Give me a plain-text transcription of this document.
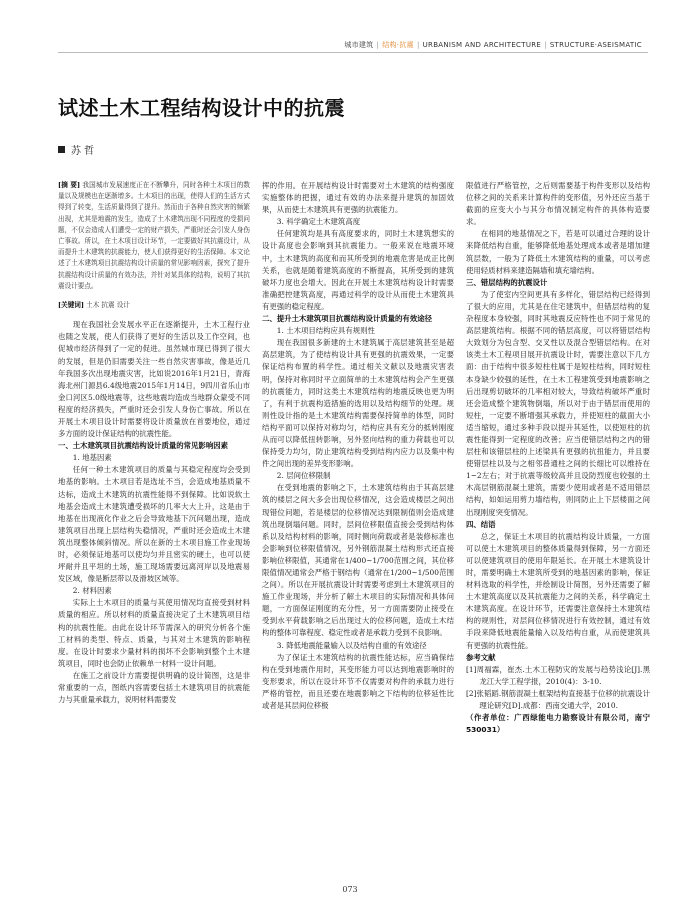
城市建筑 | 结构·抗震 | URBANISM AND ARCHITECTURE | STRUCTURE·ASEISMATIC
试述土木工程结构设计中的抗震
苏 哲
[摘 要] 我国城市发展速度正在不断攀升，同时各种土木项目的数量以及规模也在逐渐增多。土木项目的出现，使得人们的生活方式得到了转变，生活质量得到了提升。然而由于各种自然灾害的频繁出现，尤其是地震的发生，造成了土木建筑出现不同程度的受损问题，不仅会造成人们遭受一定的财产损失，严重时还会引发人身伤亡事故。所以，在土木项目设计环节，一定要做好其抗震设计，从而提升土木建筑的抗震能力，使人们获得更好的生活保障。本文论述了土木建筑项目抗震结构设计质量的常见影响因素，探究了提升抗震结构设计质量的有效办法，并针对某具体的结构，说明了其抗震设计要点。
[关键词] 土木 抗震 设计

现在我国社会发展水平正在逐渐提升，土木工程行业也随之发展，使人们获得了更好的生活以及工作空间，也促城市经济得到了一定的促进。虽然城市现已得到了很大的发展，但是仍旧需要关注一些自然灾害事故，像是近几年我国多次出现地震灾害，比如说2016年1月21日，青海海北州门源县6.4级地震2015年1月14日，9四川省乐山市金口河区5.0级地震等，这些地震均造成当地群众蒙受不同程度的经济损失，严重时还会引发人身伤亡事故。所以在开展土木项目设计时需要将设计质量放在首要地位，通过多方面的设计保证结构的抗震性能。

一、土木建筑项目抗震结构设计质量的常见影响因素

1. 地基因素

任何一种土木建筑项目的质量与其稳定程度均会受到地基的影响。土木项目若是选址不当，会造成地基质量不达标，造成土木建筑的抗震性能得不到保障。比如说软土地基会造成土木建筑遭受损坏的几率大大上升，这是由于地基在出现液化作业之后会导致地基下沉问题出现，造成建筑项目出现上层结构失稳情况，严重时还会造成土木建筑出现整体倾斜情况。所以在新的土木项目施工作业现场时，必须保证地基可以使均匀并且密实的硬土，也可以使坪耐并且平坦的土场，施工现场需要远离河岸以及地震易发区域，像是断层带以及滑坡区域等。

2. 材料因素

实际上土木项目的质量与其使用情况均直接受到材料质量的相应。所以材料的质量直接决定了土木建筑项目结构的抗震性能。由此在设计环节需深入的研究分析各个施工材料的类型、特点、质量，与其对土木建筑的影响程度。在设计时要求少量材料的损坏不会影响到整个土木建筑项目，同时也会防止依赖单一材料一设计问题。

在施工之前设计方需要提供明确的设计简图，这是非常重要的一点，图纸内容需要包括土木建筑项目的抗震能力与其重量承载力，说明材料需要发

挥的作用。在开展结构设计时需要对土木建筑的结构强度实施整体的把握，通过有效的办法来提升建筑的加固效果，从而使土木建筑具有更强的抗震能力。

3. 科学确定土木建筑高度

任何建筑均是具有高度要求的，同时土木建筑想实的设计高度也会影响到其抗震能力。一般来说在地震环境中，土木建筑的高度和而其所受到的地震危害是成正比例关系，也就是随着建筑高度的不断提高，其所受到的建筑破坏力度也会增大。因此在开展土木建筑结构设计时需要准确把控建筑高度，再通过科学的设计从而使土木建筑具有更强的稳定程度。

二、提升土木建筑项目抗震结构设计质量的有效途径

1. 土木项目结构应具有规则性

现在我国很多新建的土木建筑属于高层建筑甚至是超高层建筑，为了使结构设计具有更强的抗震效果，一定要保证结构布置的科学性。通过相关文献以及地震灾害表明，保持对称同时平立面简单的土木建筑结构会产生更强的抗震能力，同时这类土木建筑结构的地震反映也更为明了，有利于抗震构造措施的选用以及结构细节的处理。规则性设计指的是土木建筑结构需要保持简单的体型，同时结构平面可以保持对称均匀，结构应具有充分的抵转刚度从而可以降低扭转影响，另外竖向结构的重力荷载也可以保持受力均匀，防止建筑结构受到结构内应力以及集中构件之间出现的差异变形影响。

2. 层间位移限制

在受到地震的影响之下，土木建筑结构由于其高层建筑的楼层之间大多会出现位移情况，这会造成楼层之间出现错位问题，若是楼层的位移情况达到限制值则会造成建筑出现倒塌问题。同时，层间位移限值直接会受到结构体系以及结构材料的影响，同时侧向荷载或者是装修标准也会影响到位移限值情况，另外钢筋混凝土结构形式还直接影响位移限值，其通常在1/400~1/700范围之间，其位移限值情况通常会严格于钢结构（通常在1/200~1/500范围之间）。所以在开展抗震设计时需要考虑到土木建筑项目的施工作业现场，并分析了解土木项目的实际情况和具体问题，一方面保证刚度的充分性，另一方面需要防止接受在受到水平荷载影响之后出现过大的位移问题，造成土木结构的整体可靠程度、稳定性或者是承载力受到不良影响。

3. 降低地震能量输入以及结构自重的有效途径

为了保证土木建筑结构的抗震性能达标，应当确保结构在受到地震作用时，其变形能力可以达到地震影响时的变形要求，所以在设计环节不仅需要对构件的承载力进行严格的管控，而且还要在地震影响之下结构的位移延性比或者是其层间位移极

限值进行严格管控，之后则需要基于构件变形以及结构位移之间的关系来计算构件的变形值，另外还应当基于截面的应变大小与其分布情况制定构件的具体构造要求。

在相同的地基情况之下，若是可以通过合理的设计来降低结构自重，能够降低地基处理成本或者是增加建筑层数，一般为了降低土木建筑结构的重量，可以考虑使用轻质材料来建造隔墙和填充墙结构。

三、错层结构的抗震设计

为了使室内空间更具有多样化，错层结构已经得到了很大的应用，尤其是在住宅建筑中，但错层结构的复杂程度本身较强，同时其地震反应特性也不同于常见的高层建筑结构。根据不同的错层高度，可以将错层结构大致划分为包含型、交叉性以及混合型错层结构。在对该类土木工程项目展开抗震设计时，需要注意以下几方面：由于结构中很多短柱柱属于是短柱结构，同时短柱本身缺少较强的延性，在土木工程建筑受到地震影响之后出现剪切破坏的几率相对较大，导致结构破坏严重时还会造成整个建筑物倒塌，所以对于由于错层而使用的短柱，一定要不断增强其承载力，并使短柱的截面大小适当缩短，通过多种手段以提升其延性，以使短柱的抗震性能得到一定程度的改善；应当使错层结构之内的错层柱和该错层柱的上述梁具有更强的抗扭能力，并且要使错层柱以及与之相邻普通柱之间的长细比可以维持在1~2左右；对于抗震等级较高并且设防烈度也较强的土木高层钢筋混凝土建筑，需要少使用或者是不适用错层结构，如如运用剪力墙结构，则同防止上下层楼面之间出现刚度突变情况。

四、结语

总之，保证土木项目的抗震结构设计质量，一方面可以使土木建筑项目的整体质量得到保障，另一方面还可以使建筑项目的使用年限延长。在开展土木建筑设计时，需要明确土木建筑所受到的地基因素的影响，保证材料选取的科学性，并绘制设计简图，另外还需要了解土木建筑高度以及其抗震能力之间的关系，科学确定土木建筑高度。在设计环节，还需要注意保持土木建筑结构的规则性，对层间位移情况进行有效控制，通过有效手段来降低地震能量输入以及结构自重，从而使建筑具有更强的抗震性能。

参考文献

[1]周福霖，崔杰.土木工程防灾的发展与趋势浅论[J].黑龙江大学工程学报，2010(4)：3-10.

[2]张韬蹈.钢筋混凝土框架结构直接基于位移的抗震设计理论研究[D].成都：西南交通大学，2010.

（作者单位：广西绿能电力勘察设计有限公司，南宁 530031）

073
